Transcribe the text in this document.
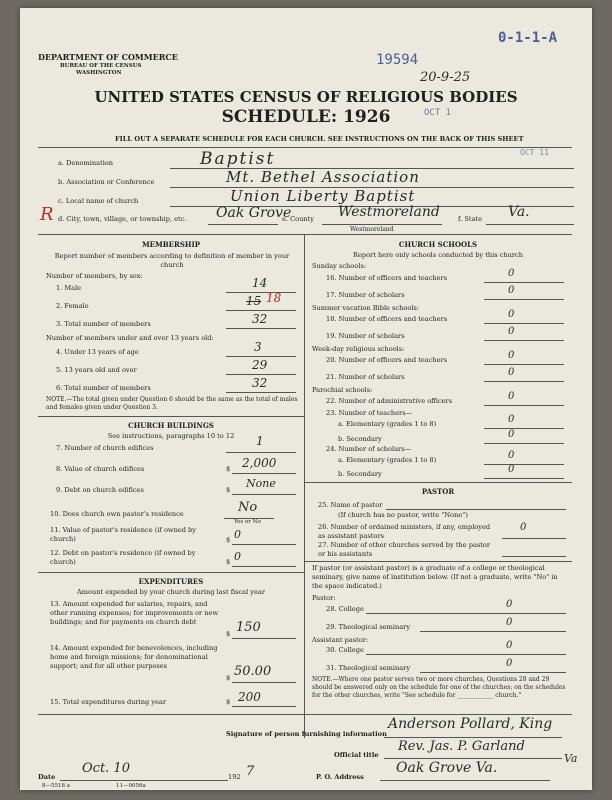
0-1-1-A
DEPARTMENT OF COMMERCE
BUREAU OF THE CENSUS
WASHINGTON
19594
20-9-25
UNITED STATES CENSUS OF RELIGIOUS BODIES
SCHEDULE: 1926	OCT 1
OCT 11
FILL OUT A SEPARATE SCHEDULE FOR EACH CHURCH. SEE INSTRUCTIONS ON THE BACK OF THIS SHEET
a. Denomination	Baptist
b. Association or Conference	Mt. Bethel Association
c. Local name of church	Union Liberty Baptist
R d. City, town, village, or township, etc. Oak Grove
e. County Westmoreland
Westmoreland
f. State Va.
MEMBERSHIP
Report number of members according to definition of member in your church
Number of members, by sex:
1. Male	14
2. Female	15 18
3. Total number of members	32
Number of members under and over 13 years old:
4. Under 13 years of age	3
5. 13 years old and over	29
6. Total number of members	32
NOTE.—The total given under Question 6 should be the same as the total of males and females given under Question 3.
CHURCH BUILDINGS
See instructions, paragraphs 10 to 12
7. Number of church edifices	1
8. Value of church edifices	$ 2,000
9. Debt on church edifices	$ None
10. Does church own pastor's residence	No
Yes or No
11. Value of pastor's residence (if owned by church)	$ 0
12. Debt on pastor's residence (if owned by church)	$ 0
EXPENDITURES
Amount expended by your church during last fiscal year
13. Amount expended for salaries, repairs, and other running expenses; for improvements or new buildings; and for payments on church debt
$ 150
14. Amount expended for benevolences, including home and foreign missions; for denominational support; and for all other purposes
$ 50.00
15. Total expenditures during year	$ 200
CHURCH SCHOOLS
Report here only schools conducted by this church
Sunday schools:
16. Number of officers and teachers	0
17. Number of scholars	0
Summer vacation Bible schools:
18. Number of officers and teachers	0
19. Number of scholars	0
Week-day religious schools:
20. Number of officers and teachers	0
21. Number of scholars	0
Parochial schools:
22. Number of administrative officers	0
23. Number of teachers—
a. Elementary (grades 1 to 8)	0
b. Secondary	0
24. Number of scholars—
a. Elementary (grades 1 to 8)	0
b. Secondary	0
PASTOR
25. Name of pastor
(If church has no pastor, write "None")
26. Number of ordained ministers, if any, employed as assistant pastors
0
27. Number of other churches served by the pastor or his assistants
If pastor (or assistant pastor) is a graduate of a college or theological seminary, give name of institution below. (If not a graduate, write "No" in the space indicated.)
Pastor:
28. College	0
29. Theological seminary	0
Assistant pastor:
30. College	0
31. Theological seminary	0
NOTE.—Where one pastor serves two or more churches, Questions 28 and 29 should be answered only on the schedule for one of the churches; on the schedules for the other churches, write "See schedule for ____________ church."
Signature of person furnishing information
Anderson Pollard, King
Official title
Rev. Jas. P. Garland
Va
Date
Oct. 10
192 7	P. O. Address
Oak Grove Va.
8—5518 a	11—9056a
